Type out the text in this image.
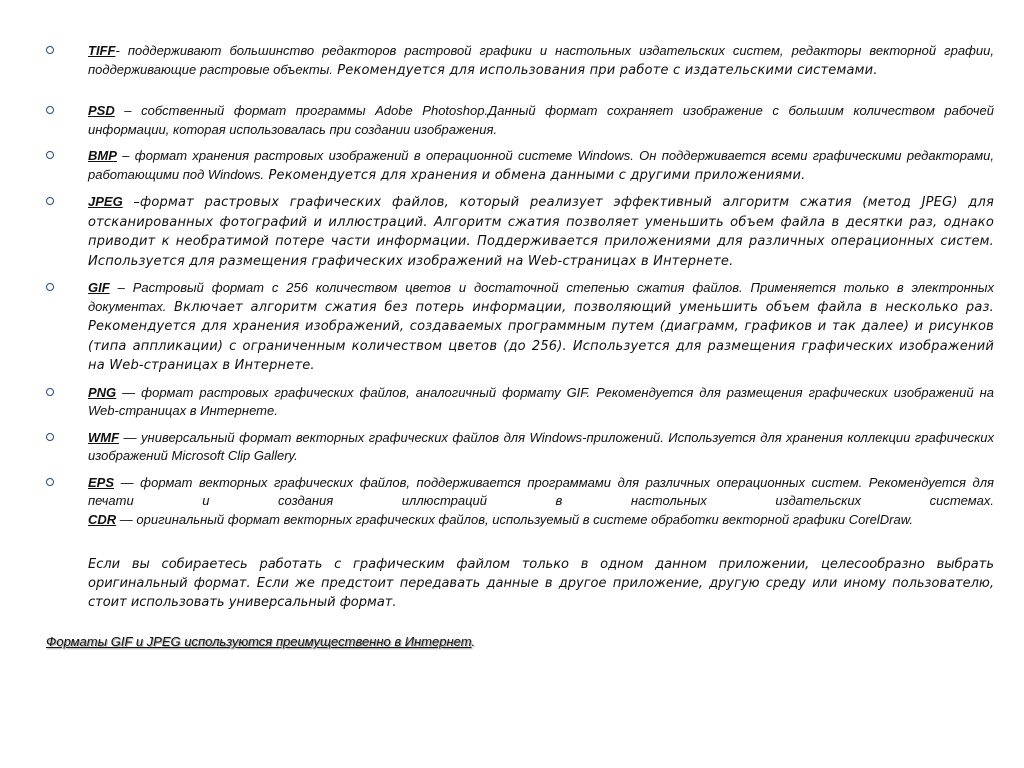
TIFF- поддерживают большинство редакторов растровой графики и настольных издательских систем, редакторы векторной графии, поддерживающие растровые объекты. Рекомендуется для использования при работе с издательскими системами.
PSD – собственный формат программы Adobe Photoshop.Данный формат сохраняет изображение с большим количеством рабочей информации, которая использовалась при создании изображения.
BMP – формат хранения растровых изображений в операционной системе Windows. Он поддерживается всеми графическими редакторами, работающими под Windows. Рекомендуется для хранения и обмена данными с другими приложениями.
JPEG –формат растровых графических файлов, который реализует эффективный алгоритм сжатия (метод JPEG) для отсканированных фотографий и иллюстраций. Алгоритм сжатия позволяет уменьшить объем файла в десятки раз, однако приводит к необратимой потере части информации. Поддерживается приложениями для различных операционных систем. Используется для размещения графических изображений на Web-страницах в Интернете.
GIF – Растровый формат с 256 количеством цветов и достаточной степенью сжатия файлов. Применяется только в электронных документах. Включает алгоритм сжатия без потерь информации, позволяющий уменьшить объем файла в несколько раз. Рекомендуется для хранения изображений, создаваемых программным путем (диаграмм, графиков и так далее) и рисунков (типа аппликации) с ограниченным количеством цветов (до 256). Используется для размещения графических изображений на Web-страницах в Интернете.
PNG — формат растровых графических файлов, аналогичный формату GIF. Рекомендуется для размещения графических изображений на Web-страницах в Интернете.
WMF — универсальный формат векторных графических файлов для Windows-приложений. Используется для хранения коллекции графических изображений Microsoft Clip Gallery.
EPS — формат векторных графических файлов, поддерживается программами для различных операционных систем. Рекомендуется для печати и создания иллюстраций в настольных издательских системах.
CDR — оригинальный формат векторных графических файлов, используемый в системе обработки векторной графики CorelDraw.
Если вы собираетесь работать с графическим файлом только в одном данном приложении, целесообразно выбрать оригинальный формат. Если же предстоит передавать данные в другое приложение, другую среду или иному пользователю, стоит использовать универсальный формат.
Форматы GIF и JPEG используются преимущественно в Интернет.
